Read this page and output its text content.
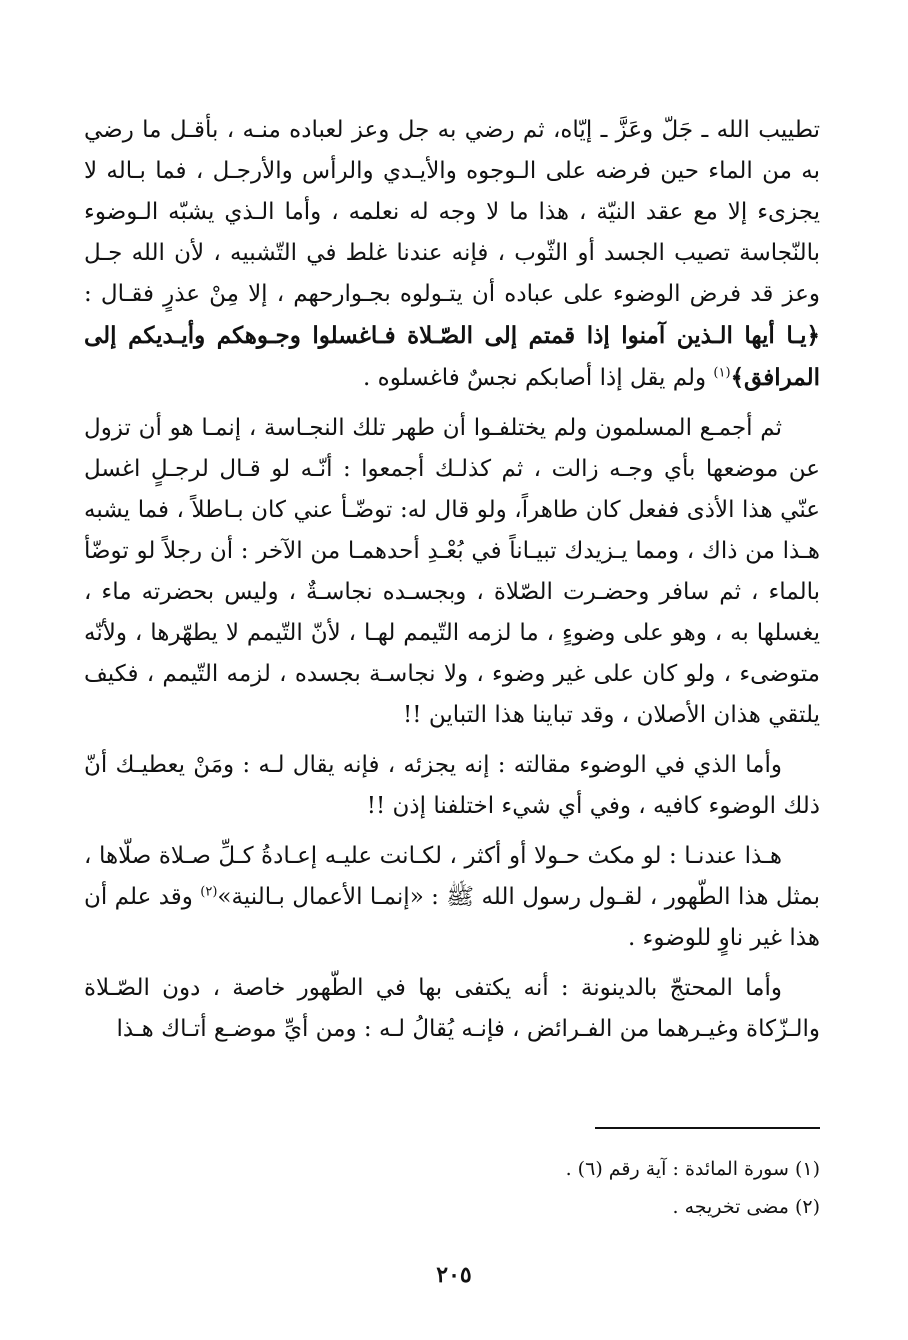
تطييب الله ـ جَلّ وعَزَّ ـ إيّاه، ثم رضي به جل وعز لعباده منـه ، بأقـل ما رضي به من الماء حين فرضه على الـوجوه والأيـدي والرأس والأرجـل ، فما بـاله لا يجزىء إلا مع عقد النيّة ، هذا ما لا وجه له نعلمه ، وأما الـذي يشبّه الـوضوء بالنّجاسة تصيب الجسد أو الثّوب ، فإنه عندنا غلط في التّشبيه ، لأن الله جـل وعز قد فرض الوضوء على عباده أن يتـولوه بجـوارحهم ، إلا مِنْ عذرٍ فقـال : ﴿يـا أيها الـذين آمنوا إذا قمتم إلى الصّـلاة فـاغسلوا وجـوهكم وأيـديكم إلى المرافق﴾$^{(١)}$ ولم يقل إذا أصابكم نجسٌ فاغسلوه .

ثم أجمـع المسلمون ولم يختلفـوا أن طهر تلك النجـاسة ، إنمـا هو أن تزول عن موضعها بأي وجـه زالت ، ثم كذلـك أجمعوا : أنّـه لو قـال لرجـلٍ اغسل عنّي هذا الأذى ففعل كان طاهراً، ولو قال له: توضّـأ عني كان بـاطلاً ، فما يشبه هـذا من ذاك ، ومما يـزيدك تبيـاناً في بُعْـدِ أحدهمـا من الآخر : أن رجلاً لو توضّأ بالماء ، ثم سافر وحضـرت الصّلاة ، وبجسـده نجاسـةٌ ، وليس بحضرته ماء ، يغسلها به ، وهو على وضوءٍ ، ما لزمه التّيمم لهـا ، لأنّ التّيمم لا يطهّرها ، ولأنّه متوضىء ، ولو كان على غير وضوء ، ولا نجاسـة بجسده ، لزمه التّيمم ، فكيف يلتقي هذان الأصلان ، وقد تباينا هذا التباين !!

وأما الذي في الوضوء مقالته : إنه يجزئه ، فإنه يقال لـه : ومَنْ يعطيـك أنّ ذلك الوضوء كافيه ، وفي أي شيء اختلفنا إذن !!

هـذا عندنـا : لو مكث حـولا أو أكثر ، لكـانت عليـه إعـادةُ كـلِّ صـلاة صلّاها ، بمثل هذا الطّهور ، لقـول رسول الله ﷺ : «إنمـا الأعمال بـالنية»$^{(٢)}$ وقد علم أن هذا غير ناوٍ للوضوء .

وأما المحتجّ بالدينونة : أنه يكتفى بها في الطّهور خاصة ، دون الصّـلاة والـزّكاة وغيـرهما من الفـرائض ، فإنـه يُقالُ لـه : ومن أيِّ موضـع أتـاك هـذا

(١) سورة المائدة : آية رقم (٦) .
(٢) مضى تخريجه .
٢٠٥
